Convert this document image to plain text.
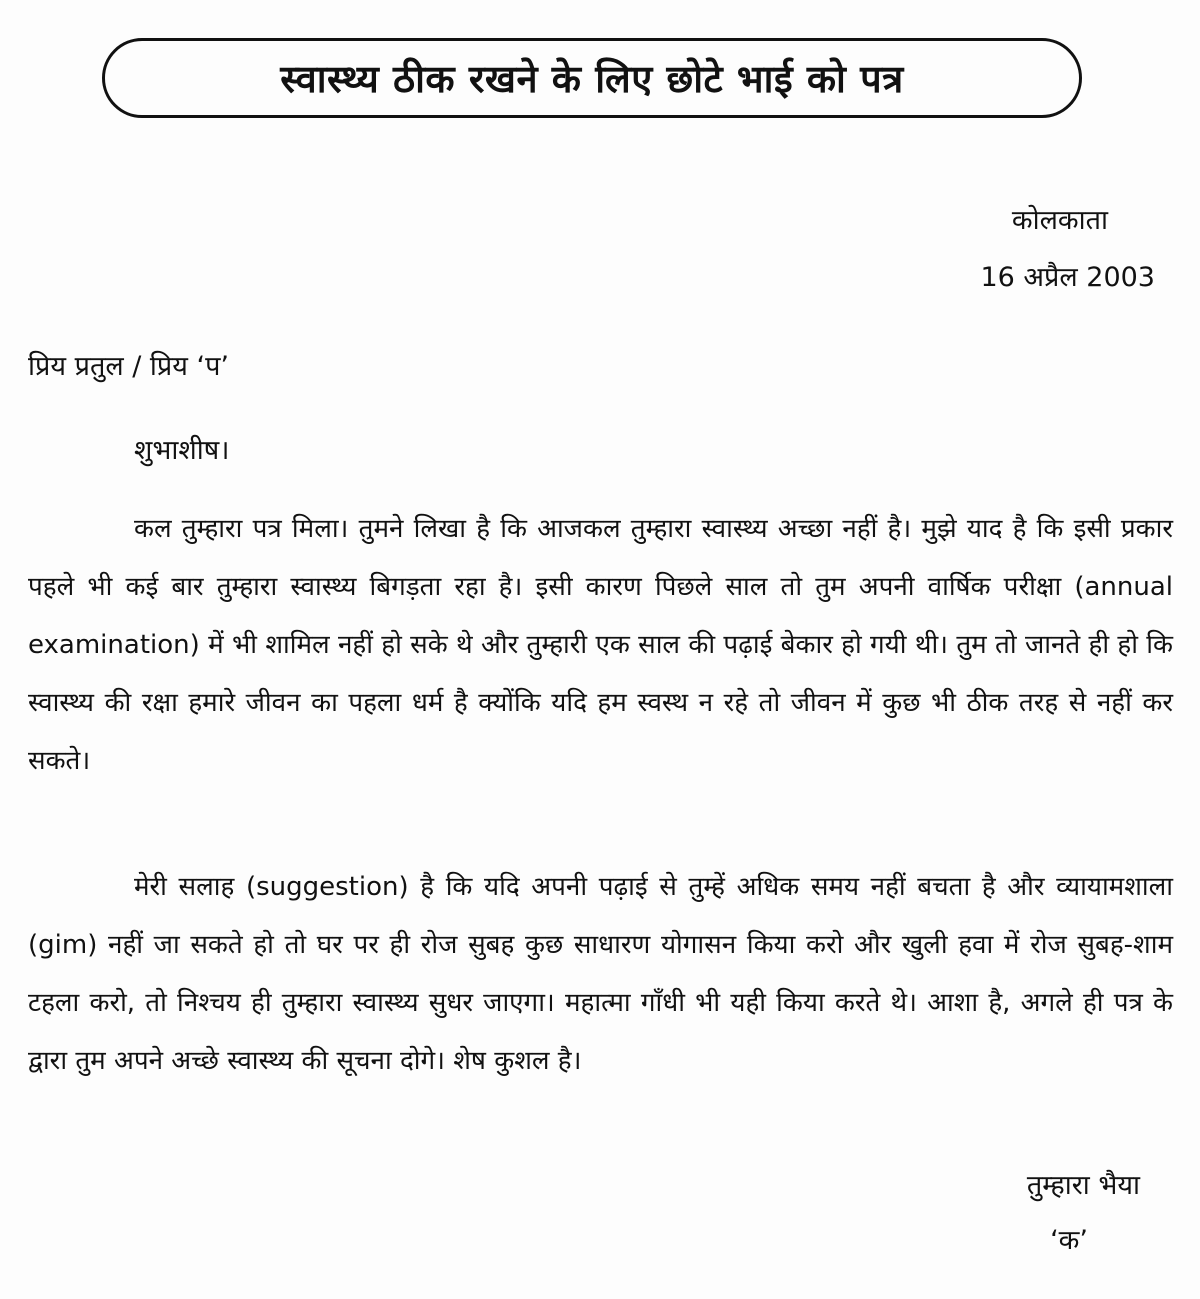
स्वास्थ्य ठीक रखने के लिए छोटे भाई को पत्र
कोलकाता
16 अप्रैल 2003
प्रिय प्रतुल / प्रिय ‘प’
शुभाशीष।

कल तुम्हारा पत्र मिला। तुमने लिखा है कि आजकल तुम्हारा स्वास्थ्य अच्छा नहीं है। मुझे याद है कि इसी प्रकार पहले भी कई बार तुम्हारा स्वास्थ्य बिगड़ता रहा है। इसी कारण पिछले साल तो तुम अपनी वार्षिक परीक्षा (annual examination) में भी शामिल नहीं हो सके थे और तुम्हारी एक साल की पढ़ाई बेकार हो गयी थी। तुम तो जानते ही हो कि स्वास्थ्य की रक्षा हमारे जीवन का पहला धर्म है क्योंकि यदि हम स्वस्थ न रहे तो जीवन में कुछ भी ठीक तरह से नहीं कर सकते।

मेरी सलाह (suggestion) है कि यदि अपनी पढ़ाई से तुम्हें अधिक समय नहीं बचता है और व्यायामशाला (gim) नहीं जा सकते हो तो घर पर ही रोज सुबह कुछ साधारण योगासन किया करो और खुली हवा में रोज सुबह-शाम टहला करो, तो निश्चय ही तुम्हारा स्वास्थ्य सुधर जाएगा। महात्मा गाँधी भी यही किया करते थे। आशा है, अगले ही पत्र के द्वारा तुम अपने अच्छे स्वास्थ्य की सूचना दोगे। शेष कुशल है।

तुम्हारा भैया
‘क’
